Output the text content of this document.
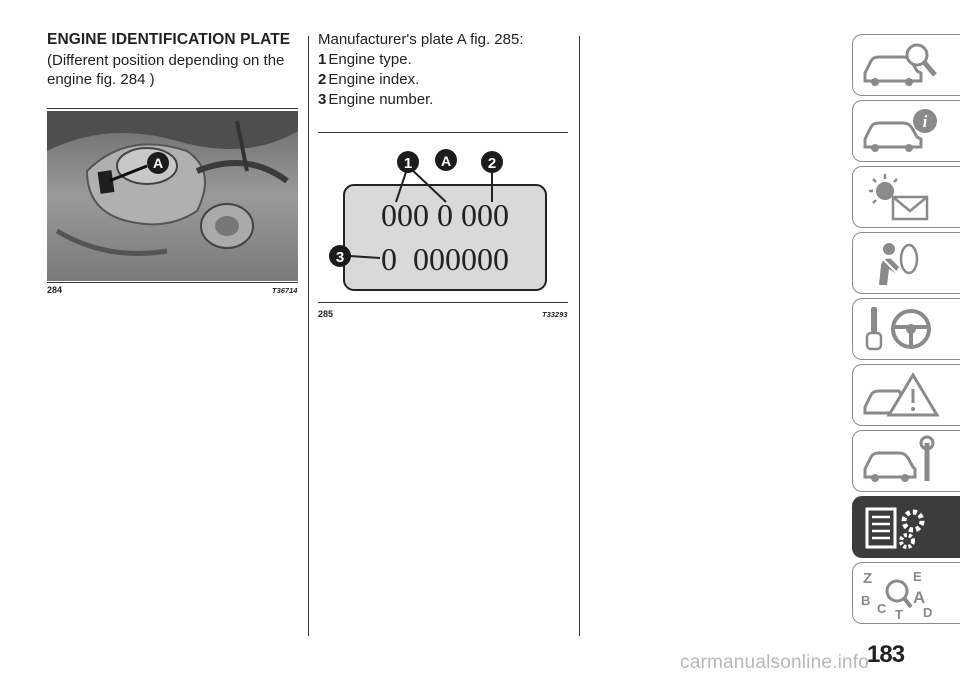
ENGINE IDENTIFICATION PLATE

(Different position depending on the engine fig. 284 )

A
284	T36714

Manufacturer's plate A fig. 285:

1 Engine type.
2 Engine index.
3 Engine number.
000 0 000
0  000000
1 A 2
3
285	T33293
i
Z	E
B
C
A
D
T
183
carmanualsonline.info
